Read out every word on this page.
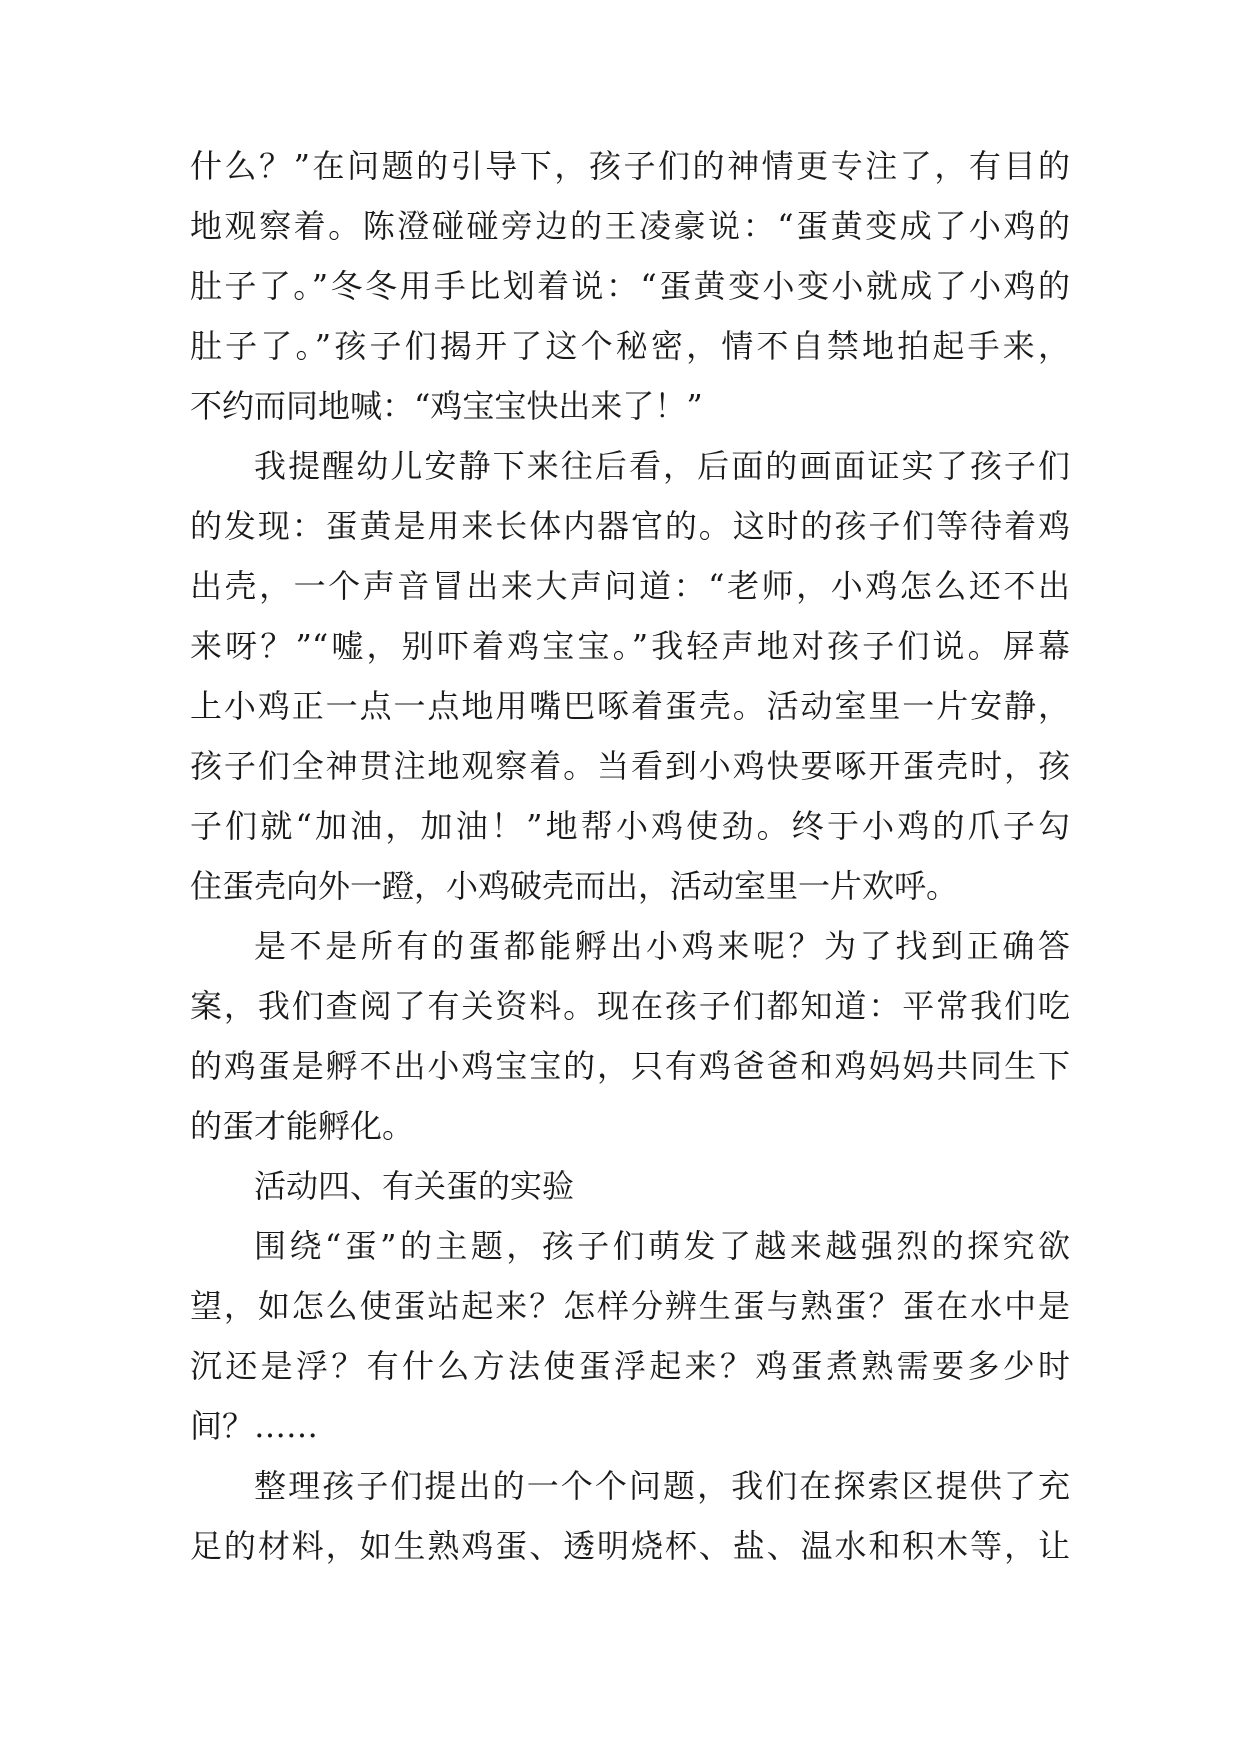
什么？”在问题的引导下，孩子们的神情更专注了，有目的
地观察着。陈澄碰碰旁边的王凌豪说：“蛋黄变成了小鸡的
肚子了。”冬冬用手比划着说：“蛋黄变小变小就成了小鸡的
肚子了。”孩子们揭开了这个秘密，情不自禁地拍起手来，
不约而同地喊：“鸡宝宝快出来了！”
我提醒幼儿安静下来往后看，后面的画面证实了孩子们
的发现：蛋黄是用来长体内器官的。这时的孩子们等待着鸡
出壳，一个声音冒出来大声问道：“老师，小鸡怎么还不出
来呀？”“嘘，别吓着鸡宝宝。”我轻声地对孩子们说。屏幕
上小鸡正一点一点地用嘴巴啄着蛋壳。活动室里一片安静，
孩子们全神贯注地观察着。当看到小鸡快要啄开蛋壳时，孩
子们就“加油，加油！”地帮小鸡使劲。终于小鸡的爪子勾
住蛋壳向外一蹬，小鸡破壳而出，活动室里一片欢呼。
是不是所有的蛋都能孵出小鸡来呢？为了找到正确答
案，我们查阅了有关资料。现在孩子们都知道：平常我们吃
的鸡蛋是孵不出小鸡宝宝的，只有鸡爸爸和鸡妈妈共同生下
的蛋才能孵化。
活动四、有关蛋的实验
围绕“蛋”的主题，孩子们萌发了越来越强烈的探究欲
望，如怎么使蛋站起来？怎样分辨生蛋与熟蛋？蛋在水中是
沉还是浮？有什么方法使蛋浮起来？鸡蛋煮熟需要多少时
间？……
整理孩子们提出的一个个问题，我们在探索区提供了充
足的材料，如生熟鸡蛋、透明烧杯、盐、温水和积木等，让
